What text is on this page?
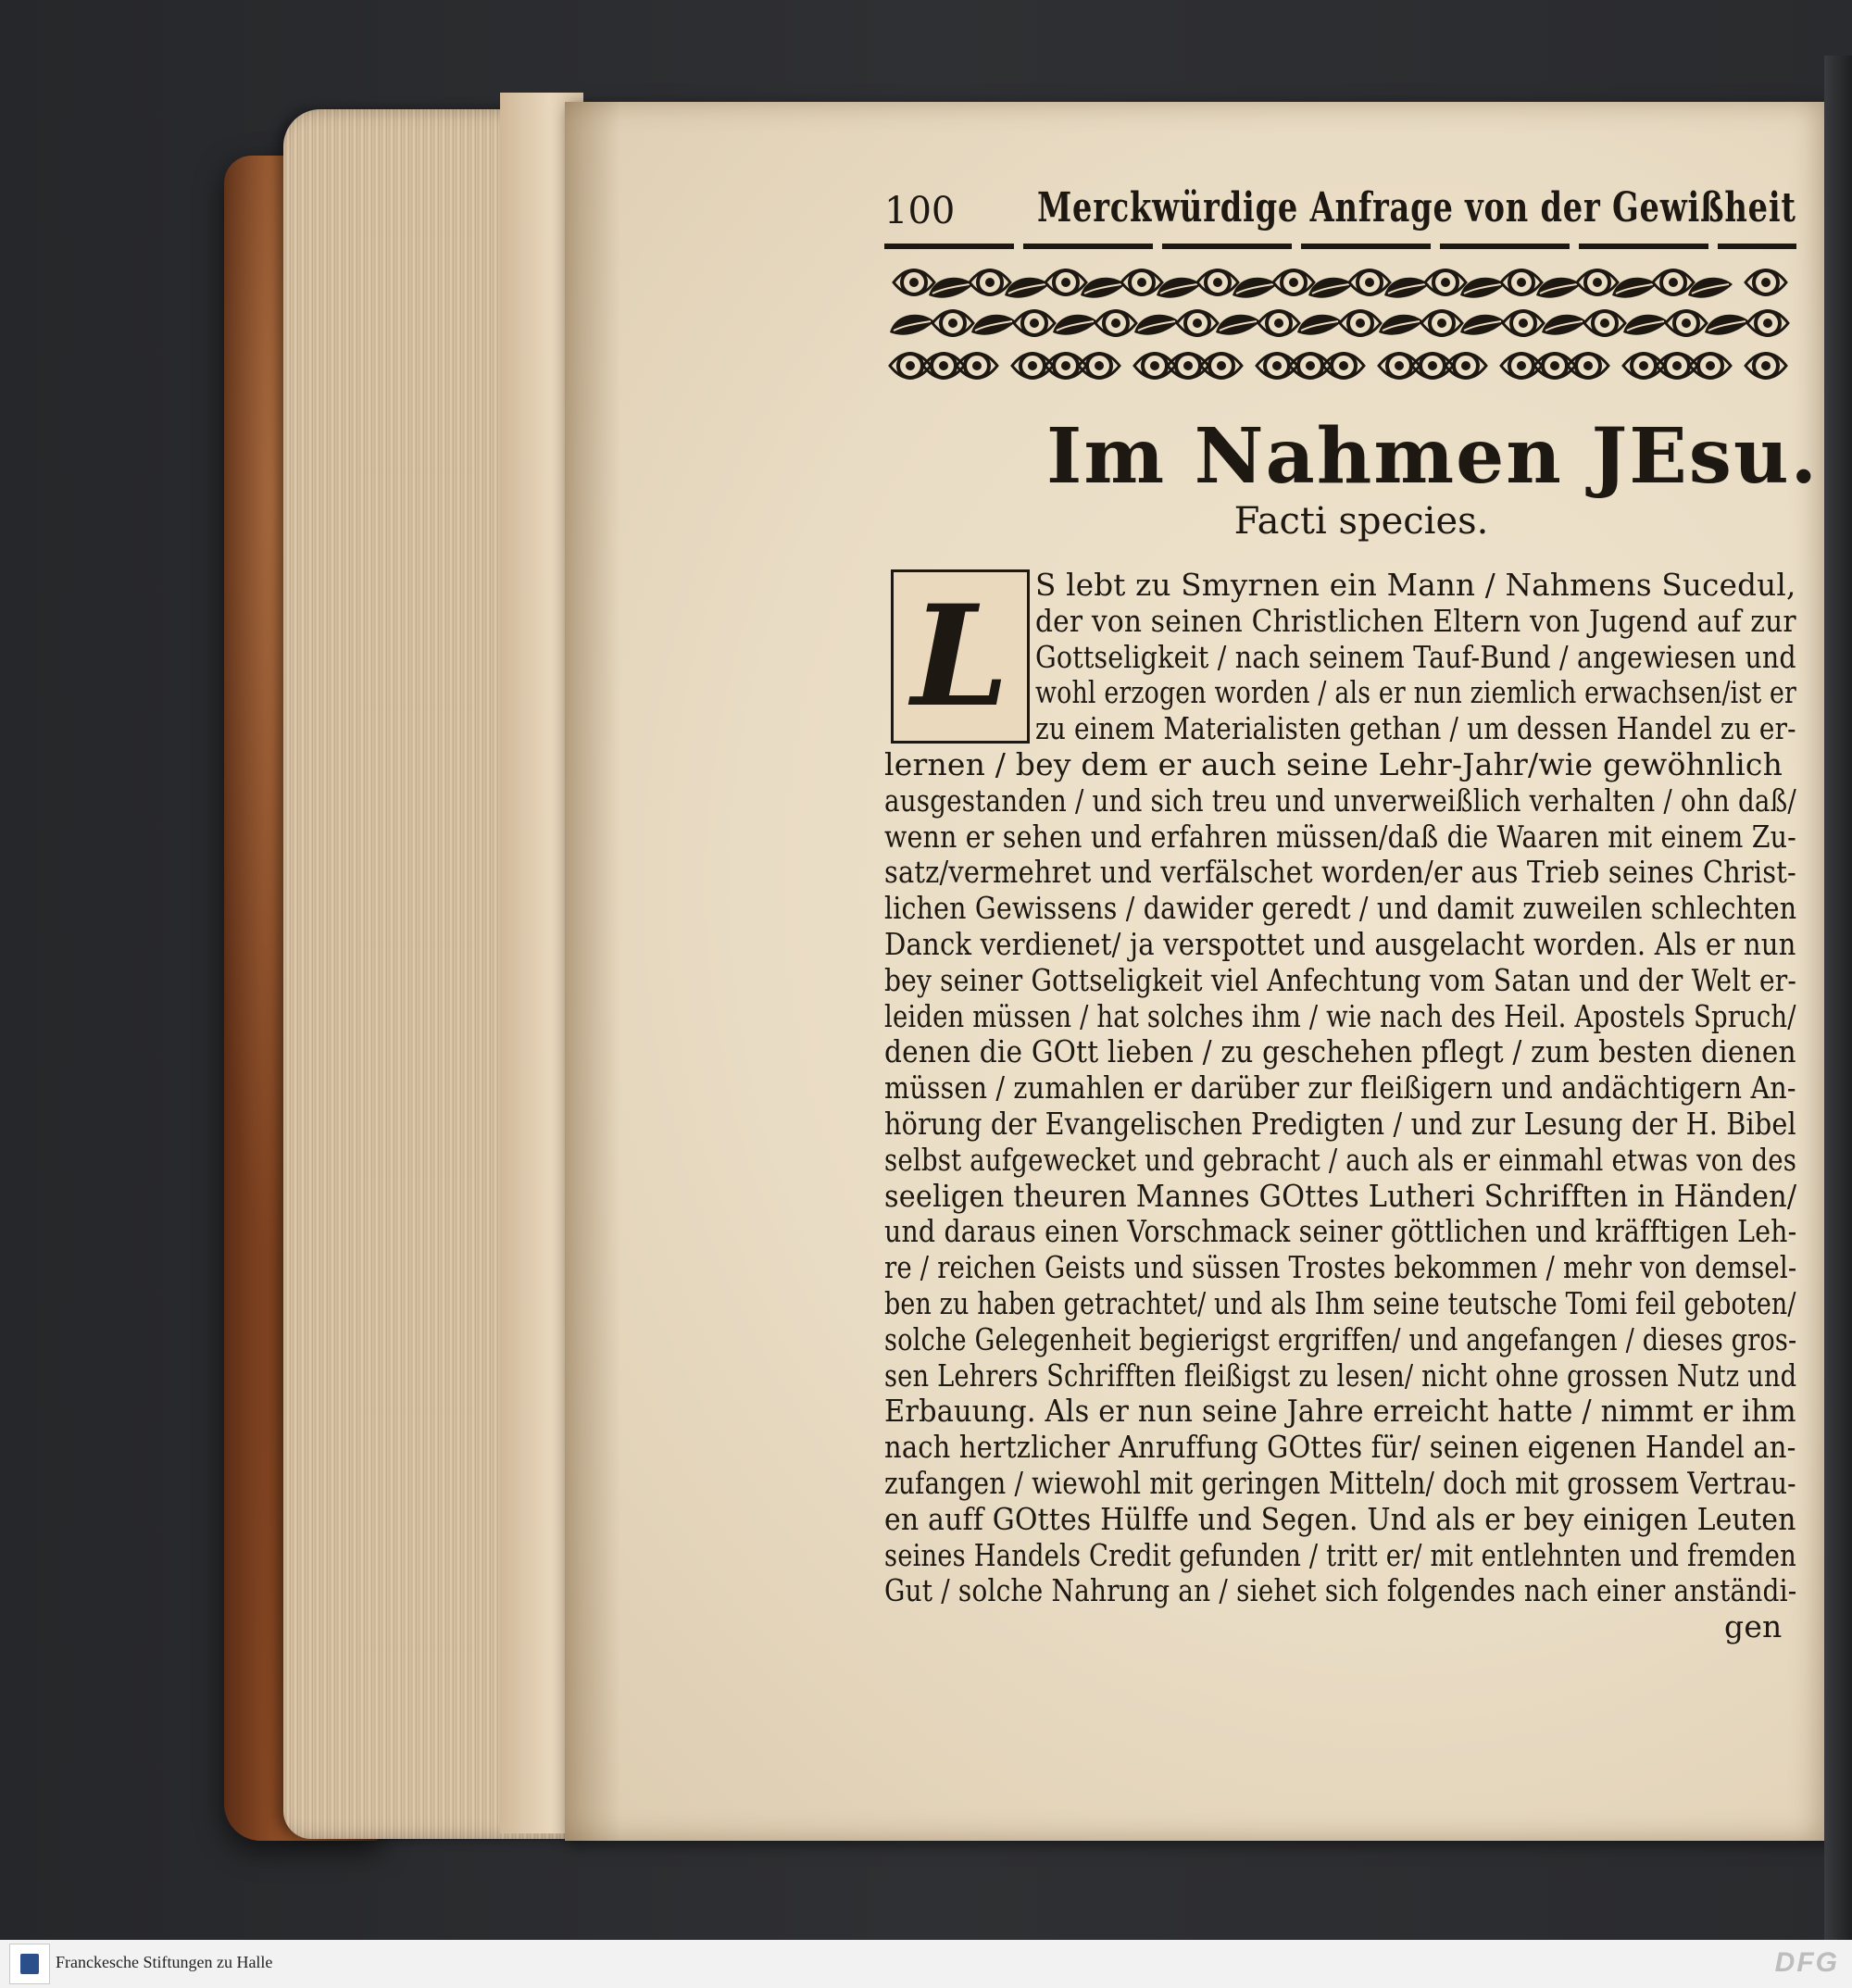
100 Merckwürdige Anfrage von der Gewißheit
Im Nahmen JEsu.
Facti species.
L S lebt zu Smyrnen ein Mann / Nahmens Sucedul,
der von seinen Christlichen Eltern von Jugend auf zur
Gottseligkeit / nach seinem Tauf-Bund / angewiesen und
wohl erzogen worden / als er nun ziemlich erwachsen/ist er
zu einem Materialisten gethan / um dessen Handel zu er-
lernen / bey dem er auch seine Lehr-Jahr/wie gewöhnlich
ausgestanden / und sich treu und unverweißlich verhalten / ohn daß/
wenn er sehen und erfahren müssen/daß die Waaren mit einem Zu-
satz/vermehret und verfälschet worden/er aus Trieb seines Christ-
lichen Gewissens / dawider geredt / und damit zuweilen schlechten
Danck verdienet/ ja verspottet und ausgelacht worden. Als er nun
bey seiner Gottseligkeit viel Anfechtung vom Satan und der Welt er-
leiden müssen / hat solches ihm / wie nach des Heil. Apostels Spruch/
denen die GOtt lieben / zu geschehen pflegt / zum besten dienen
müssen / zumahlen er darüber zur fleißigern und andächtigern An-
hörung der Evangelischen Predigten / und zur Lesung der H. Bibel
selbst aufgewecket und gebracht / auch als er einmahl etwas von des
seeligen theuren Mannes GOttes Lutheri Schrifften in Händen/
und daraus einen Vorschmack seiner göttlichen und kräfftigen Leh-
re / reichen Geists und süssen Trostes bekommen / mehr von demsel-
ben zu haben getrachtet/ und als Ihm seine teutsche Tomi feil geboten/
solche Gelegenheit begierigst ergriffen/ und angefangen / dieses gros-
sen Lehrers Schrifften fleißigst zu lesen/ nicht ohne grossen Nutz und
Erbauung. Als er nun seine Jahre erreicht hatte / nimmt er ihm
nach hertzlicher Anruffung GOttes für/ seinen eigenen Handel an-
zufangen / wiewohl mit geringen Mitteln/ doch mit grossem Vertrau-
en auff GOttes Hülffe und Segen. Und als er bey einigen Leuten
seines Handels Credit gefunden / tritt er/ mit entlehnten und fremden
Gut / solche Nahrung an / siehet sich folgendes nach einer anständi-
gen
Franckesche Stiftungen zu Halle	DFG
